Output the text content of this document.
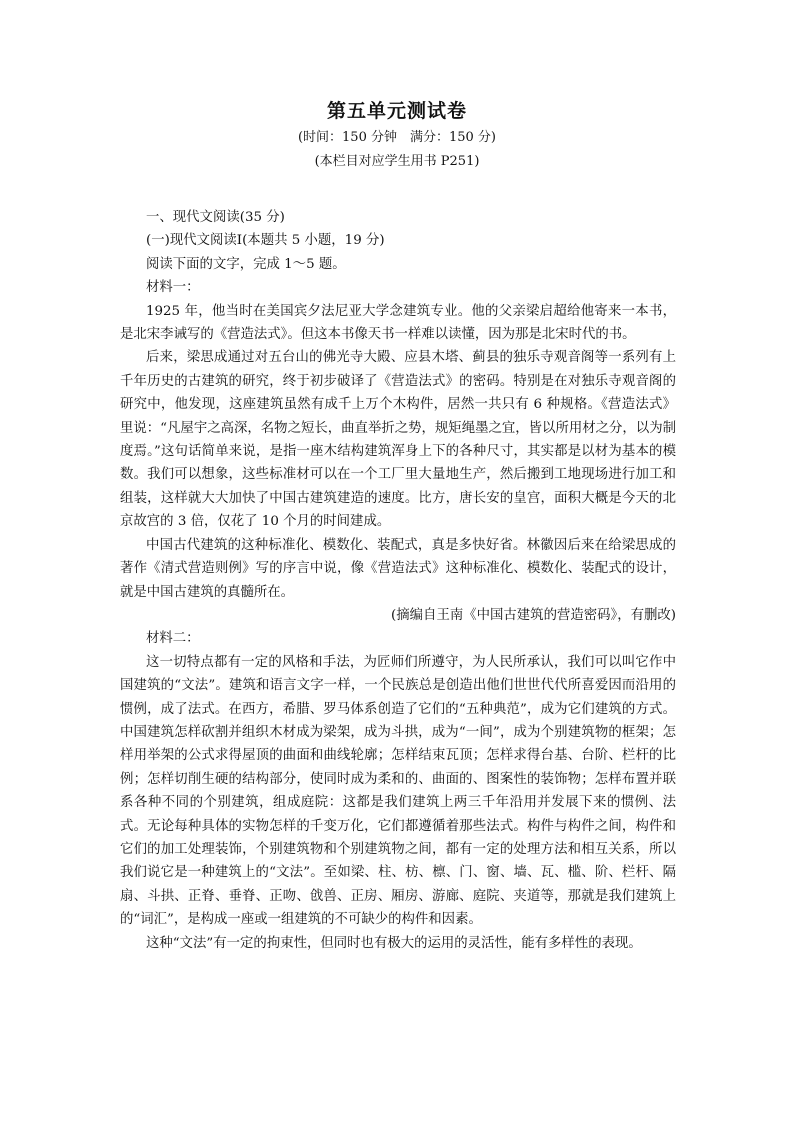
第五单元测试卷

(时间：150 分钟　满分：150 分)

(本栏目对应学生用书 P251)

一、现代文阅读(35 分)

(一)现代文阅读Ⅰ(本题共 5 小题，19 分)

阅读下面的文字，完成 1～5 题。

材料一：

1925 年，他当时在美国宾夕法尼亚大学念建筑专业。他的父亲梁启超给他寄来一本书，是北宋李诫写的《营造法式》。但这本书像天书一样难以读懂，因为那是北宋时代的书。

后来，梁思成通过对五台山的佛光寺大殿、应县木塔、蓟县的独乐寺观音阁等一系列有上千年历史的古建筑的研究，终于初步破译了《营造法式》的密码。特别是在对独乐寺观音阁的研究中，他发现，这座建筑虽然有成千上万个木构件，居然一共只有 6 种规格。《营造法式》里说：“凡屋宇之高深，名物之短长，曲直举折之势，规矩绳墨之宜，皆以所用材之分，以为制度焉。”这句话简单来说，是指一座木结构建筑浑身上下的各种尺寸，其实都是以材为基本的模数。我们可以想象，这些标准材可以在一个工厂里大量地生产，然后搬到工地现场进行加工和组装，这样就大大加快了中国古建筑建造的速度。比方，唐长安的皇宫，面积大概是今天的北京故宫的 3 倍，仅花了 10 个月的时间建成。

中国古代建筑的这种标准化、模数化、装配式，真是多快好省。林徽因后来在给梁思成的著作《清式营造则例》写的序言中说，像《营造法式》这种标准化、模数化、装配式的设计，就是中国古建筑的真髓所在。

(摘编自王南《中国古建筑的营造密码》，有删改)

材料二：

这一切特点都有一定的风格和手法，为匠师们所遵守，为人民所承认，我们可以叫它作中国建筑的“文法”。建筑和语言文字一样，一个民族总是创造出他们世世代代所喜爱因而沿用的惯例，成了法式。在西方，希腊、罗马体系创造了它们的“五种典范”，成为它们建筑的方式。中国建筑怎样砍割并组织木材成为梁架，成为斗拱，成为“一间”，成为个别建筑物的框架；怎样用举架的公式求得屋顶的曲面和曲线轮廓；怎样结束瓦顶；怎样求得台基、台阶、栏杆的比例；怎样切削生硬的结构部分，使同时成为柔和的、曲面的、图案性的装饰物；怎样布置并联系各种不同的个别建筑，组成庭院：这都是我们建筑上两三千年沿用并发展下来的惯例、法式。无论每种具体的实物怎样的千变万化，它们都遵循着那些法式。构件与构件之间，构件和它们的加工处理装饰，个别建筑物和个别建筑物之间，都有一定的处理方法和相互关系，所以我们说它是一种建筑上的“文法”。至如梁、柱、枋、檩、门、窗、墙、瓦、槛、阶、栏杆、隔扇、斗拱、正脊、垂脊、正吻、戗兽、正房、厢房、游廊、庭院、夹道等，那就是我们建筑上的“词汇”，是构成一座或一组建筑的不可缺少的构件和因素。

这种“文法”有一定的拘束性，但同时也有极大的运用的灵活性，能有多样性的表现。
